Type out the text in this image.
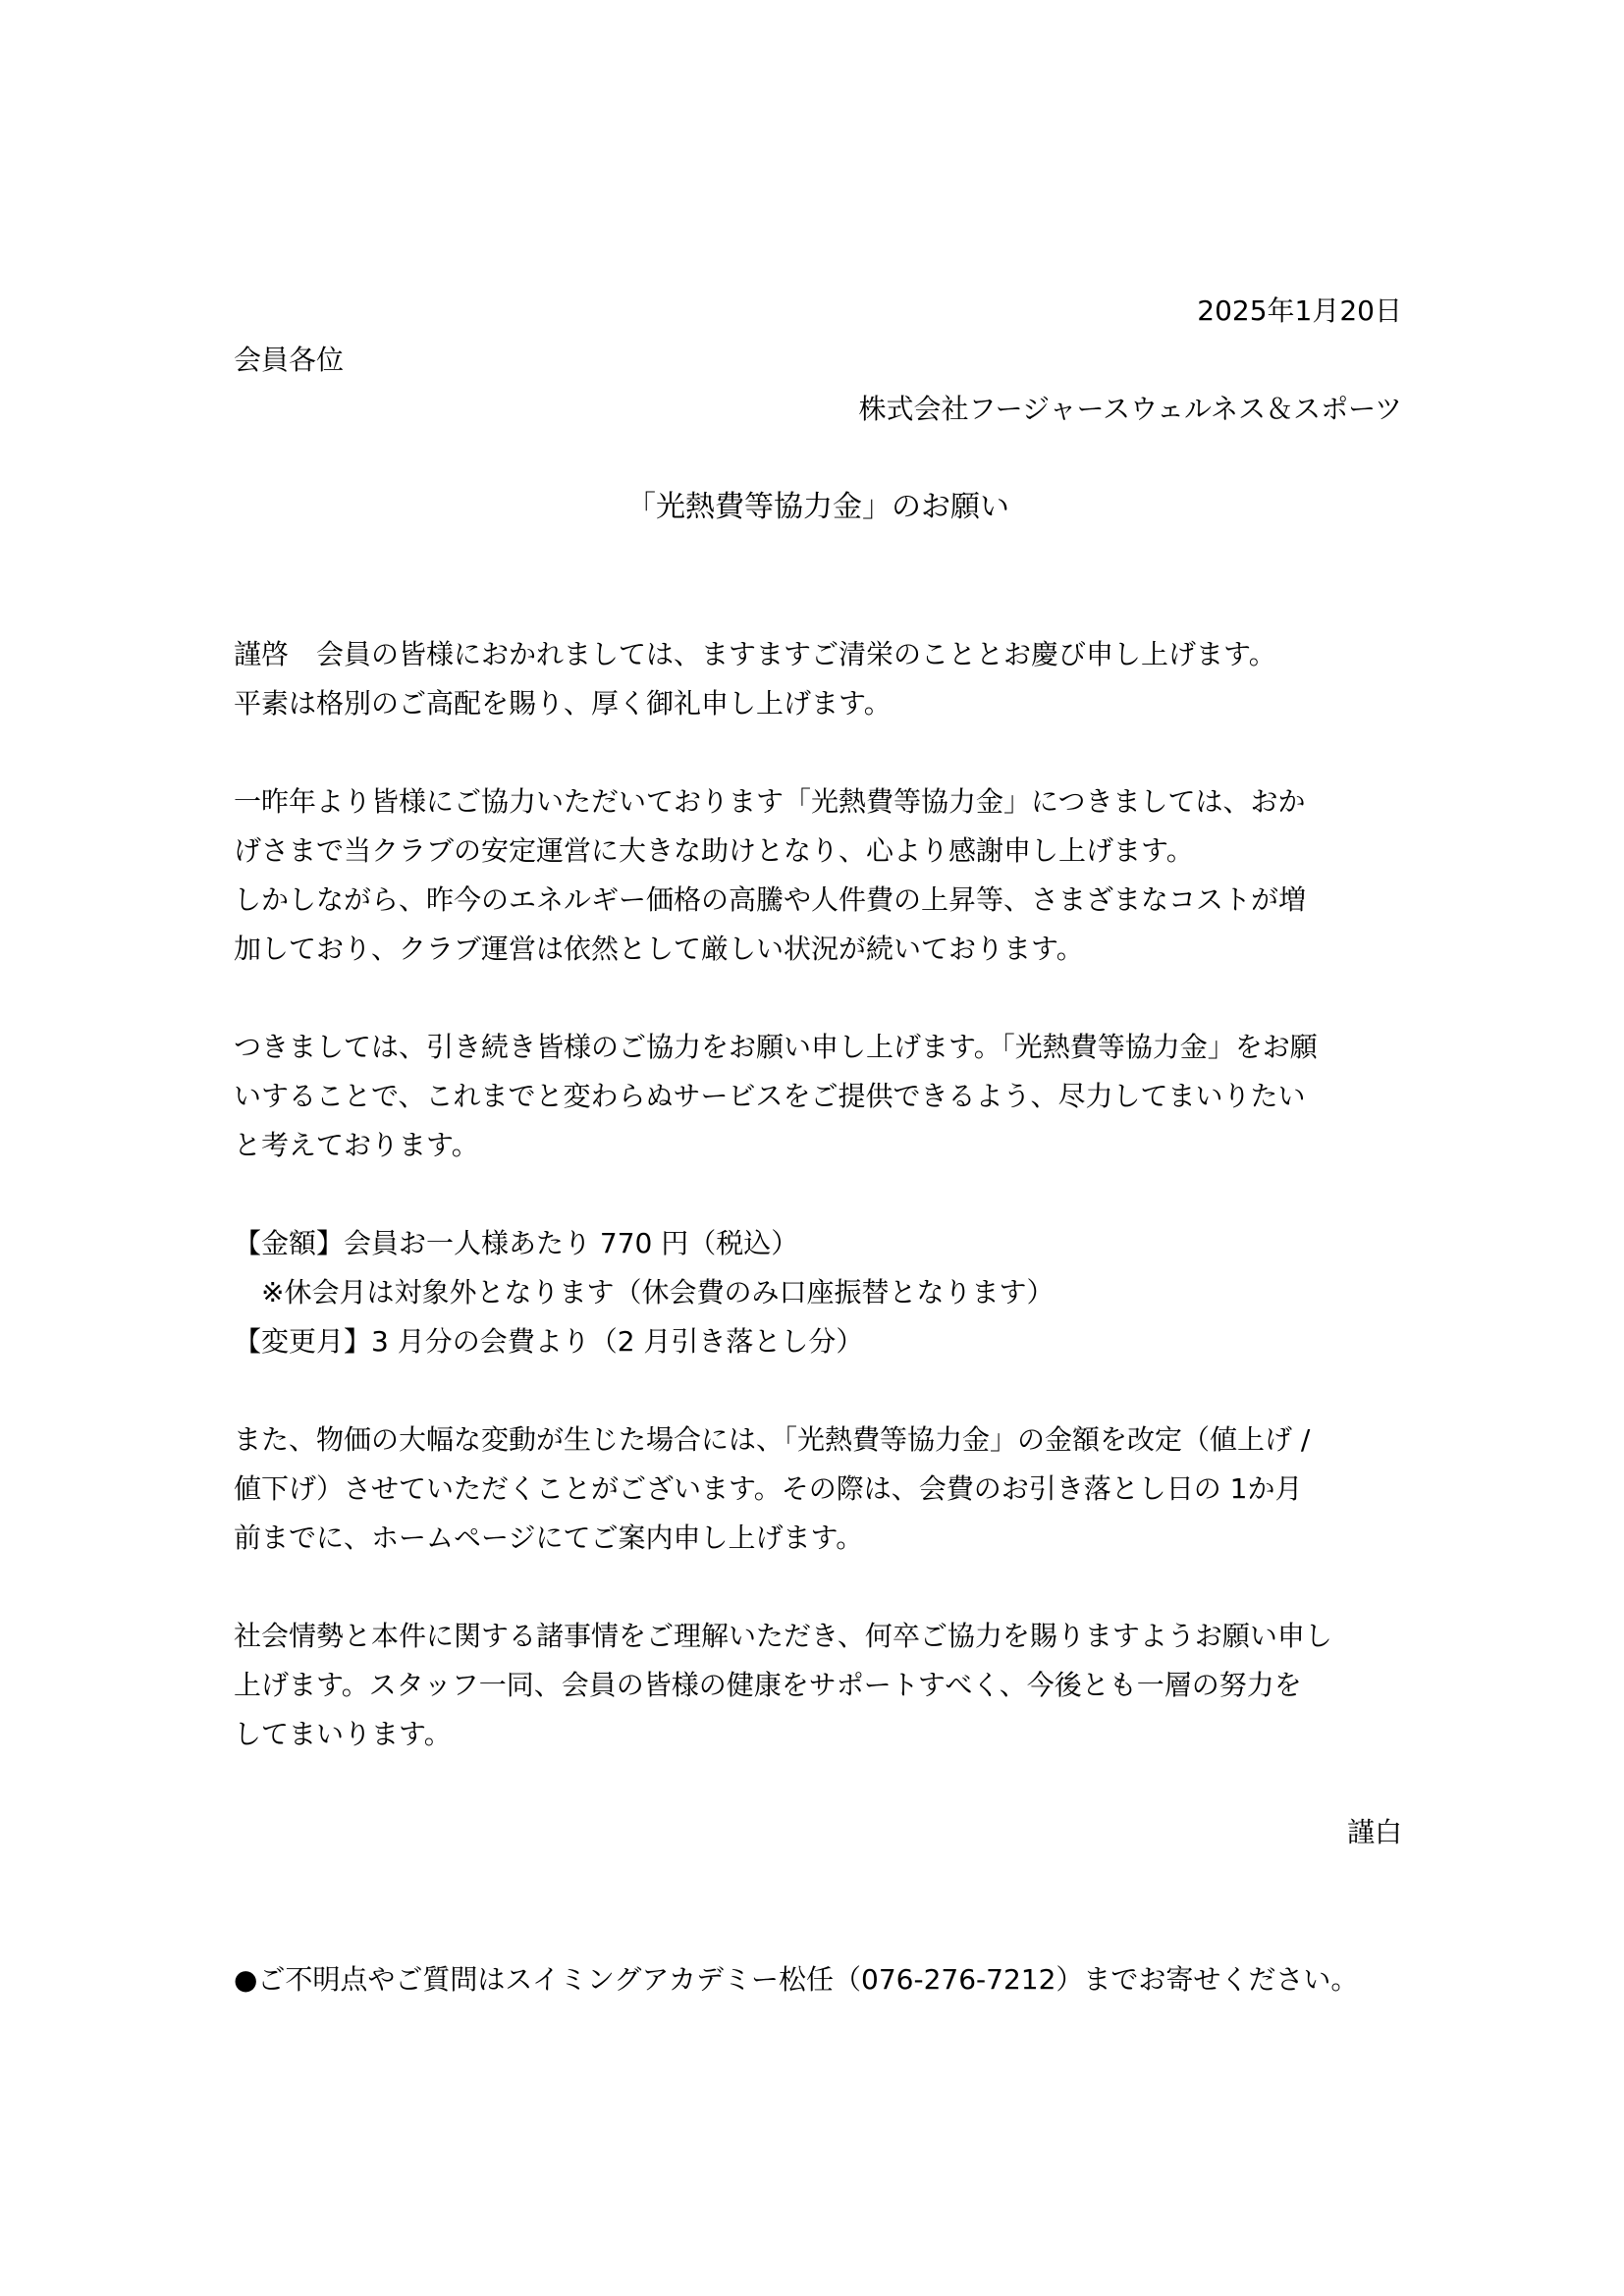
2025年1月20日
会員各位
株式会社フージャースウェルネス＆スポーツ
「光熱費等協力金」のお願い
謹啓　会員の皆様におかれましては、ますますご清栄のこととお慶び申し上げます。
平素は格別のご高配を賜り、厚く御礼申し上げます。
一昨年より皆様にご協力いただいております「光熱費等協力金」につきましては、おか
げさまで当クラブの安定運営に大きな助けとなり、心より感謝申し上げます。
しかしながら、昨今のエネルギー価格の高騰や人件費の上昇等、さまざまなコストが増
加しており、クラブ運営は依然として厳しい状況が続いております。
つきましては、引き続き皆様のご協力をお願い申し上げます。「光熱費等協力金」をお願
いすることで、これまでと変わらぬサービスをご提供できるよう、尽力してまいりたい
と考えております。
【金額】会員お一人様あたり 770 円（税込）
　※休会月は対象外となります（休会費のみ口座振替となります）
【変更月】3 月分の会費より（2 月引き落とし分）
また、物価の大幅な変動が生じた場合には、「光熱費等協力金」の金額を改定（値上げ /
値下げ）させていただくことがございます。その際は、会費のお引き落とし日の 1か月
前までに、ホームページにてご案内申し上げます。
社会情勢と本件に関する諸事情をご理解いただき、何卒ご協力を賜りますようお願い申し
上げます。スタッフ一同、会員の皆様の健康をサポートすべく、今後とも一層の努力を
してまいります。
謹白
●ご不明点やご質問はスイミングアカデミー松任（076-276-7212）までお寄せください。
